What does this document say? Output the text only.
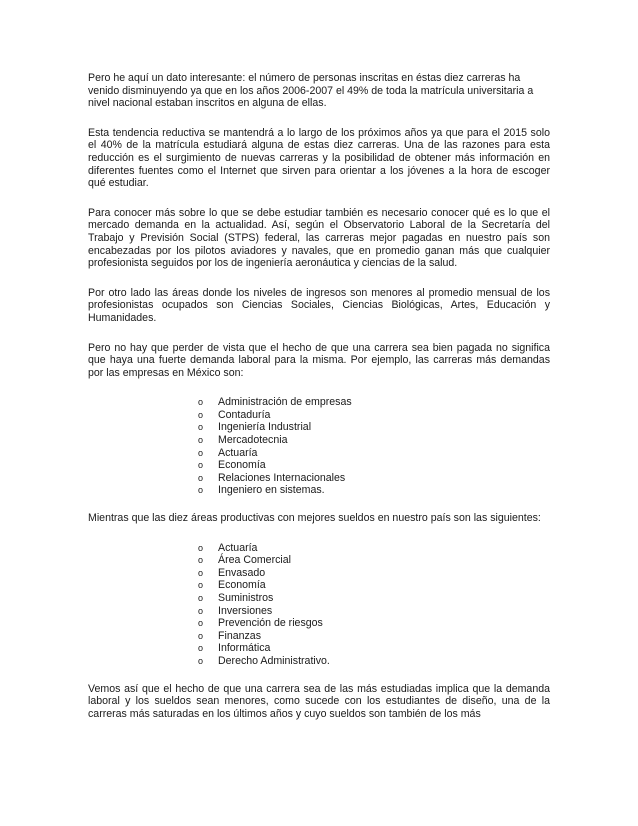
Pero he aquí un dato interesante: el número de personas inscritas en éstas diez carreras ha venido disminuyendo ya que en los años 2006-2007 el 49% de toda la matrícula universitaria a nivel nacional estaban inscritos en alguna de ellas.

Esta tendencia reductiva se mantendrá a lo largo de los próximos años ya que para el 2015 solo el 40% de la matrícula estudiará alguna de estas diez carreras. Una de las razones para esta reducción es el surgimiento de nuevas carreras y la posibilidad de obtener más información en diferentes fuentes como el Internet que sirven para orientar a los jóvenes a la hora de escoger qué estudiar.

Para conocer más sobre lo que se debe estudiar también es necesario conocer qué es lo que el mercado demanda en la actualidad. Así, según el Observatorio Laboral de la Secretaría del Trabajo y Previsión Social (STPS) federal, las carreras mejor pagadas en nuestro país son encabezadas por los pilotos aviadores y navales, que en promedio ganan más que cualquier profesionista seguidos por los de ingeniería aeronáutica y ciencias de la salud.

Por otro lado las áreas donde los niveles de ingresos son menores al promedio mensual de los profesionistas ocupados son Ciencias Sociales, Ciencias Biológicas, Artes, Educación y Humanidades.

Pero no hay que perder de vista que el hecho de que una carrera sea bien pagada no significa que haya una fuerte demanda laboral para la misma. Por ejemplo, las carreras más demandas por las empresas en México son:

o Administración de empresas
o Contaduría
o Ingeniería Industrial
o Mercadotecnia
o Actuaría
o Economía
o Relaciones Internacionales
o Ingeniero en sistemas.

Mientras que las diez áreas productivas con mejores sueldos en nuestro país son las siguientes:

o Actuaría
o Área Comercial
o Envasado
o Economía
o Suministros
o Inversiones
o Prevención de riesgos
o Finanzas
o Informática
o Derecho Administrativo.

Vemos así que el hecho de que una carrera sea de las más estudiadas implica que la demanda laboral y los sueldos sean menores, como sucede con los estudiantes de diseño, una de la carreras más saturadas en los últimos años y cuyo sueldos son también de los más
